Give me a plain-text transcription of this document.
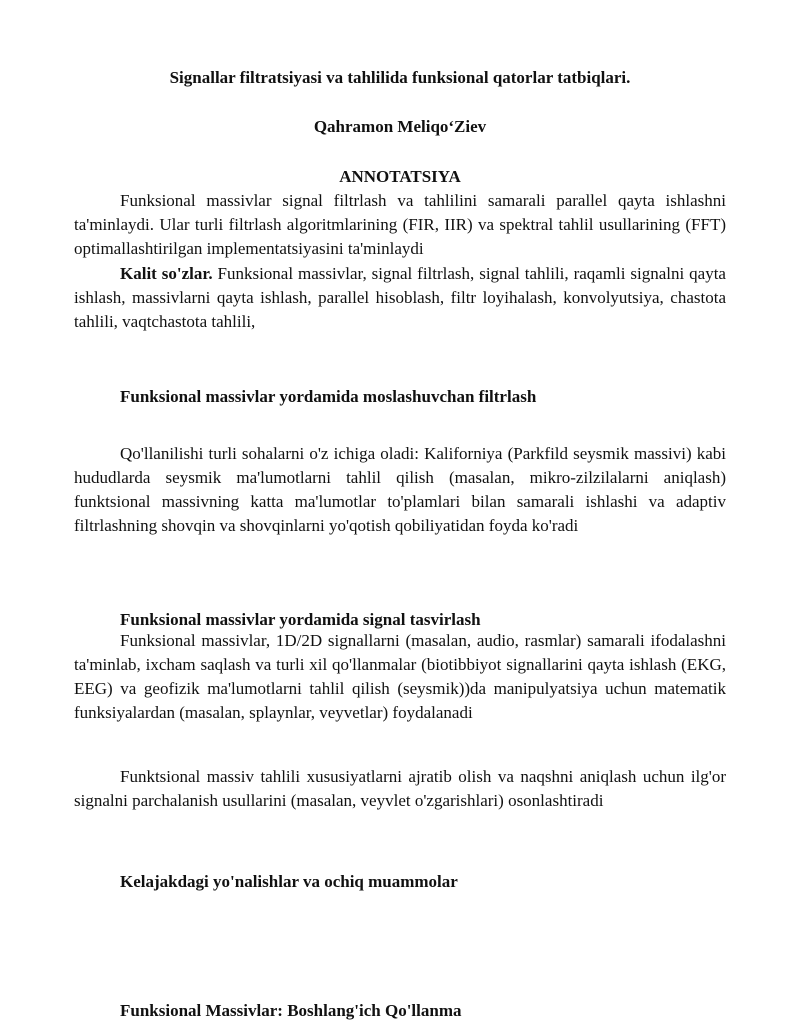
Signallar filtratsiyasi va tahlilida funksional qatorlar tatbiqlari.

Qahramon Meliqo‘Ziev

ANNOTATSIYA

Funksional massivlar signal filtrlash va tahlilini samarali parallel qayta ishlashni ta'minlaydi. Ular turli filtrlash algoritmlarining (FIR, IIR) va spektral tahlil usullarining (FFT) optimallashtirilgan implementatsiyasini ta'minlaydi

Kalit so'zlar. Funksional massivlar, signal filtrlash, signal tahlili, raqamli signalni qayta ishlash, massivlarni qayta ishlash, parallel hisoblash, filtr loyihalash, konvolyutsiya, chastota tahlili, vaqtchastota tahlili,

Funksional massivlar yordamida moslashuvchan filtrlash

Qo'llanilishi turli sohalarni o'z ichiga oladi: Kaliforniya (Parkfild seysmik massivi) kabi hududlarda seysmik ma'lumotlarni tahlil qilish (masalan, mikro-zilzilalarni aniqlash) funktsional massivning katta ma'lumotlar to'plamlari bilan samarali ishlashi va adaptiv filtrlashning shovqin va shovqinlarni yo'qotish qobiliyatidan foyda ko'radi

Funksional massivlar yordamida signal tasvirlash

Funksional massivlar, 1D/2D signallarni (masalan, audio, rasmlar) samarali ifodalashni ta'minlab, ixcham saqlash va turli xil qo'llanmalar (biotibbiyot signallarini qayta ishlash (EKG, EEG) va geofizik ma'lumotlarni tahlil qilish (seysmik))da manipulyatsiya uchun matematik funksiyalardan (masalan, splaynlar, veyvetlar) foydalanadi

Funktsional massiv tahlili xususiyatlarni ajratib olish va naqshni aniqlash uchun ilg'or signalni parchalanish usullarini (masalan, veyvlet o'zgarishlari) osonlashtiradi

Kelajakdagi yo'nalishlar va ochiq muammolar

Funksional Massivlar: Boshlang'ich Qo'llanma
